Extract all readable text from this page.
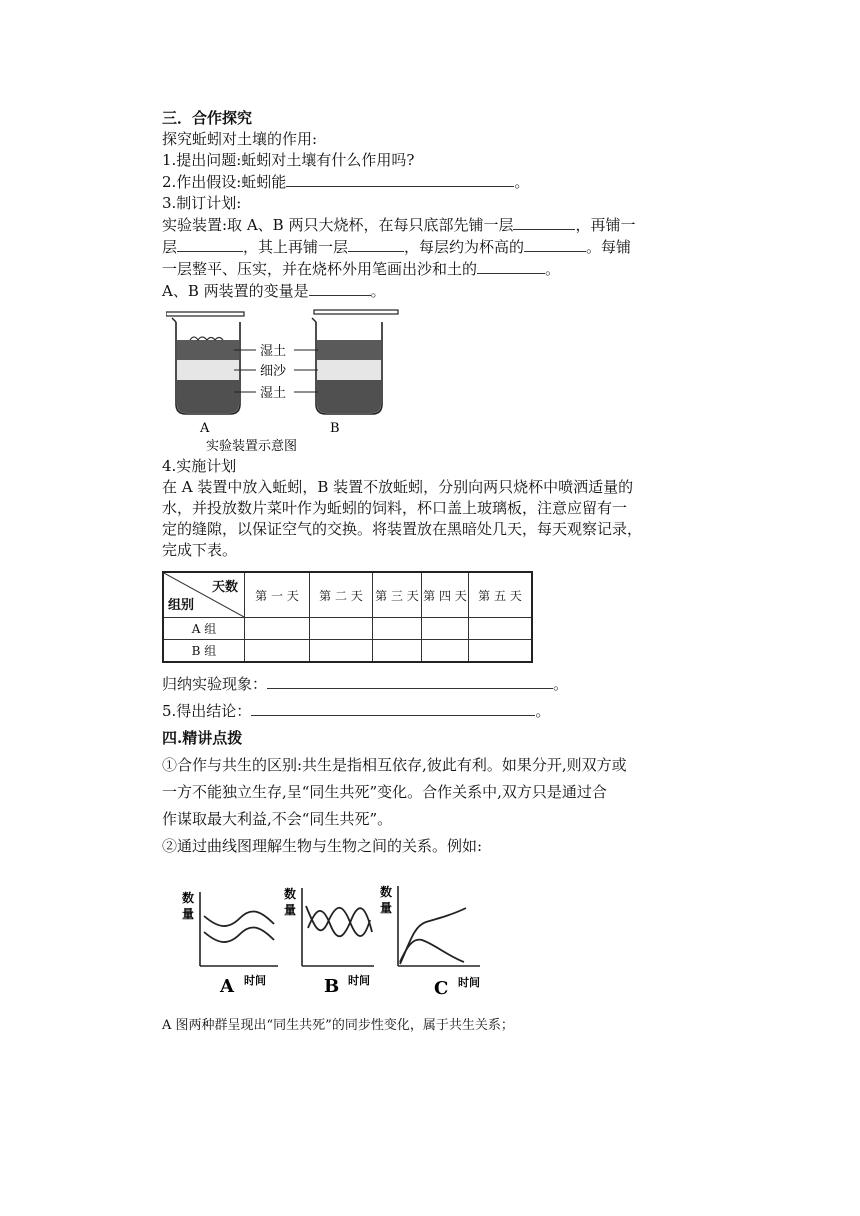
三．合作探究
探究蚯蚓对土壤的作用:
1.提出问题:蚯蚓对土壤有什么作用吗?
2.作出假设:蚯蚓能	。
3.制订计划:
实验装置:取 A、B 两只大烧杯，在每只底部先铺一层	，再铺一
层	，其上再铺一层	，每层约为杯高的	。每铺
一层整平、压实，并在烧杯外用笔画出沙和土的	。
A、B 两装置的变量是	。
湿土
细沙
湿土
A	B
实验装置示意图
4.实施计划
在 A 装置中放入蚯蚓，B 装置不放蚯蚓，分别向两只烧杯中喷洒适量的
水，并投放数片菜叶作为蚯蚓的饲料，杯口盖上玻璃板，注意应留有一
定的缝隙，以保证空气的交换。将装置放在黑暗处几天，每天观察记录，
完成下表。
天数
组别	第 一 天	第 二 天	第 三 天	第 四 天	第 五 天
A 组					
B 组					
归纳实验现象：	。
5.得出结论：	。
四.精讲点拨
①合作与共生的区别:共生是指相互依存,彼此有利。如果分开,则双方或
一方不能独立生存,呈“同生共死”变化。合作关系中,双方只是通过合
作谋取最大利益,不会“同生共死”。
②通过曲线图理解生物与生物之间的关系。例如:
数
量
A 时间
数
量
B 时间
数
量
C 时间
A 图两种群呈现出“同生共死”的同步性变化，属于共生关系；
